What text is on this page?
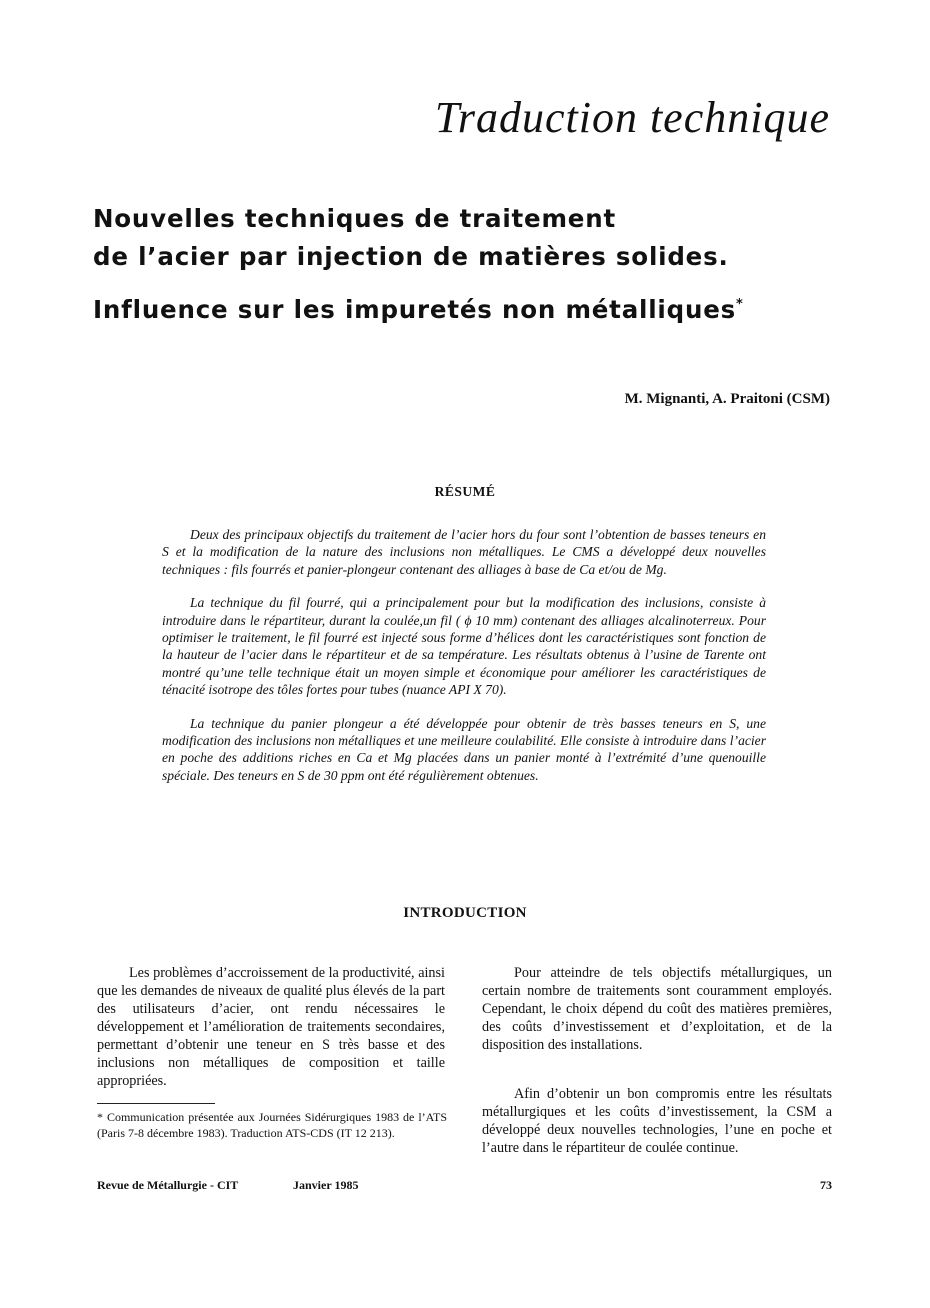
Traduction technique
Nouvelles techniques de traitement
de l’acier par injection de matières solides.
Influence sur les impuretés non métalliques*
M. Mignanti, A. Praitoni (CSM)
RÉSUMÉ

Deux des principaux objectifs du traitement de l’acier hors du four sont l’obtention de basses teneurs en S et la modification de la nature des inclusions non métalliques. Le CMS a développé deux nouvelles techniques : fils fourrés et panier-plongeur contenant des alliages à base de Ca et/ou de Mg.

La technique du fil fourré, qui a principalement pour but la modification des inclusions, consiste à introduire dans le répartiteur, durant la coulée,un fil ( ϕ 10 mm) contenant des alliages alcalinoterreux. Pour optimiser le traitement, le fil fourré est injecté sous forme d’hélices dont les caractéristiques sont fonction de la hauteur de l’acier dans le répartiteur et de sa température. Les résultats obtenus à l’usine de Tarente ont montré qu’une telle technique était un moyen simple et économique pour améliorer les caractéristiques de ténacité isotrope des tôles fortes pour tubes (nuance API X 70).

La technique du panier plongeur a été développée pour obtenir de très basses teneurs en S, une modification des inclusions non métalliques et une meilleure coulabilité. Elle consiste à introduire dans l’acier en poche des additions riches en Ca et Mg placées dans un panier monté à l’extrémité d’une quenouille spéciale. Des teneurs en S de 30 ppm ont été régulièrement obtenues.

INTRODUCTION

Les problèmes d’accroissement de la productivité, ainsi que les demandes de niveaux de qualité plus élevés de la part des utilisateurs d’acier, ont rendu nécessaires le développement et l’amélioration de traitements secondaires, permettant d’obtenir une teneur en S très basse et des inclusions non métalliques de composition et taille appropriées.

Pour atteindre de tels objectifs métallurgiques, un certain nombre de traitements sont couramment employés. Cependant, le choix dépend du coût des matières premières, des coûts d’investissement et d’exploitation, et de la disposition des installations.

Afin d’obtenir un bon compromis entre les résultats métallurgiques et les coûts d’investissement, la CSM a développé deux nouvelles technologies, l’une en poche et l’autre dans le répartiteur de coulée continue.

* Communication présentée aux Journées Sidérurgiques 1983 de l’ATS (Paris 7-8 décembre 1983). Traduction ATS-CDS (IT 12 213).
Revue de Métallurgie - CIT	Janvier 1985	73
